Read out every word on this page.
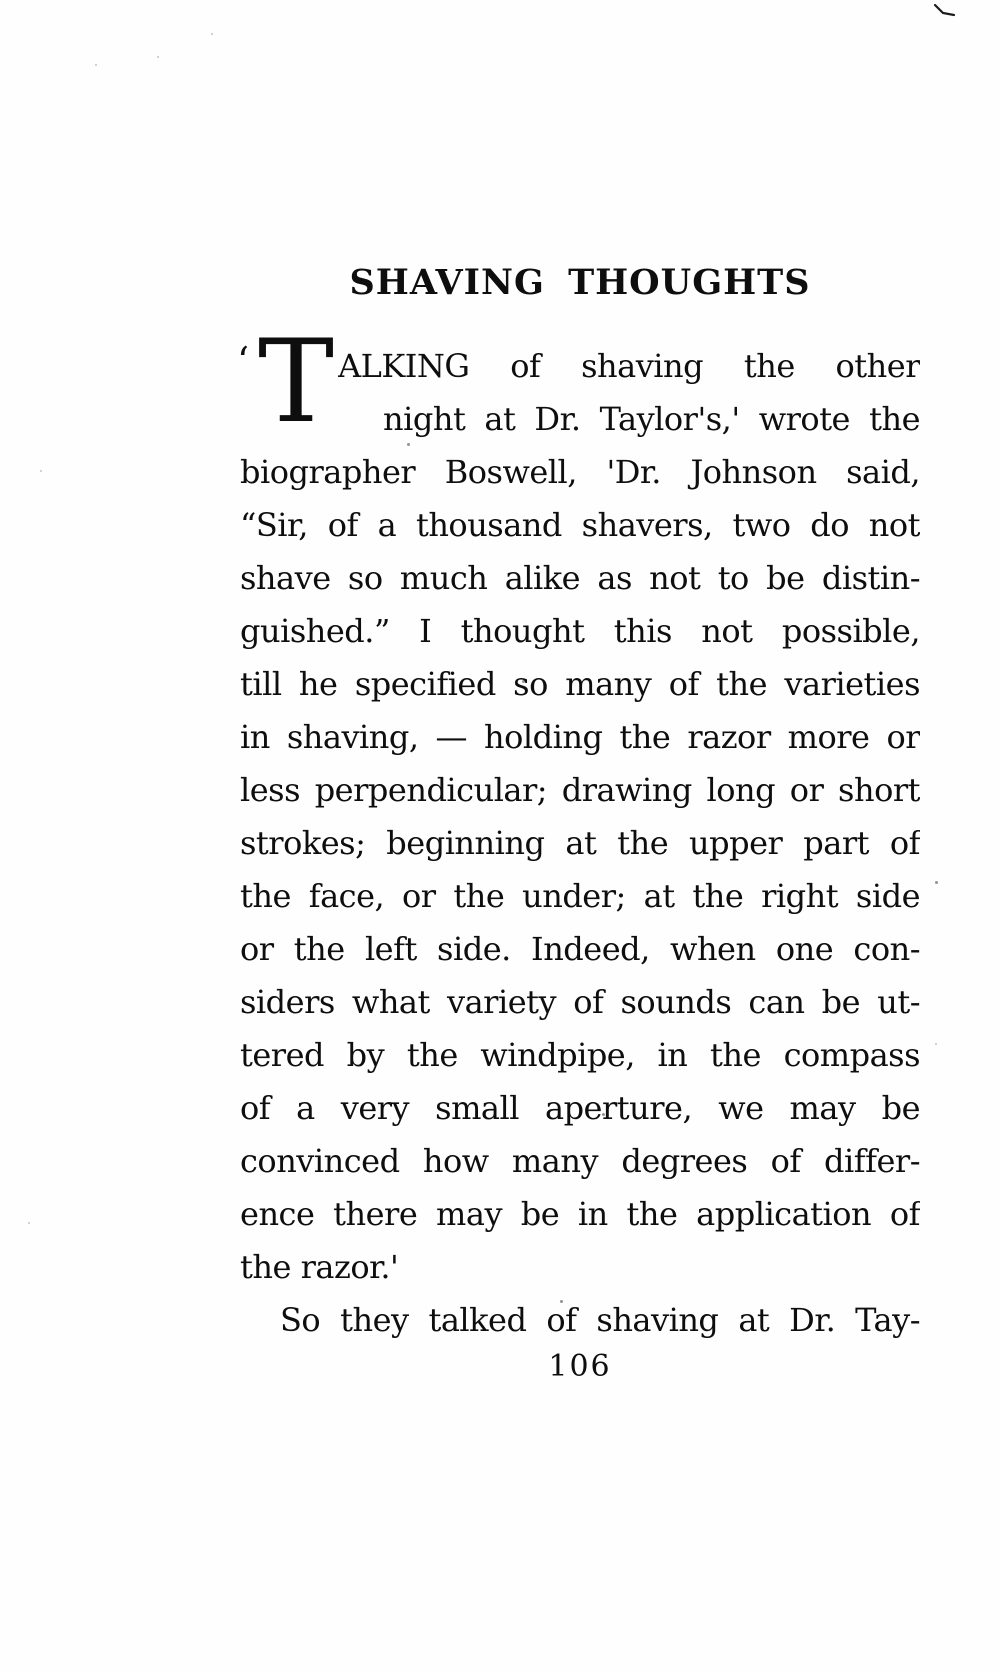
SHAVING THOUGHTS
‘ T ALKING of shaving the other
night at Dr. Taylor's,' wrote the
biographer Boswell, 'Dr. Johnson said,
“Sir, of a thousand shavers, two do not
shave so much alike as not to be distin-
guished.” I thought this not possible,
till he specified so many of the varieties
in shaving, — holding the razor more or
less perpendicular; drawing long or short
strokes; beginning at the upper part of
the face, or the under; at the right side
or the left side. Indeed, when one con-
siders what variety of sounds can be ut-
tered by the windpipe, in the compass
of a very small aperture, we may be
convinced how many degrees of differ-
ence there may be in the application of
the razor.'
So they talked of shaving at Dr. Tay-
106
